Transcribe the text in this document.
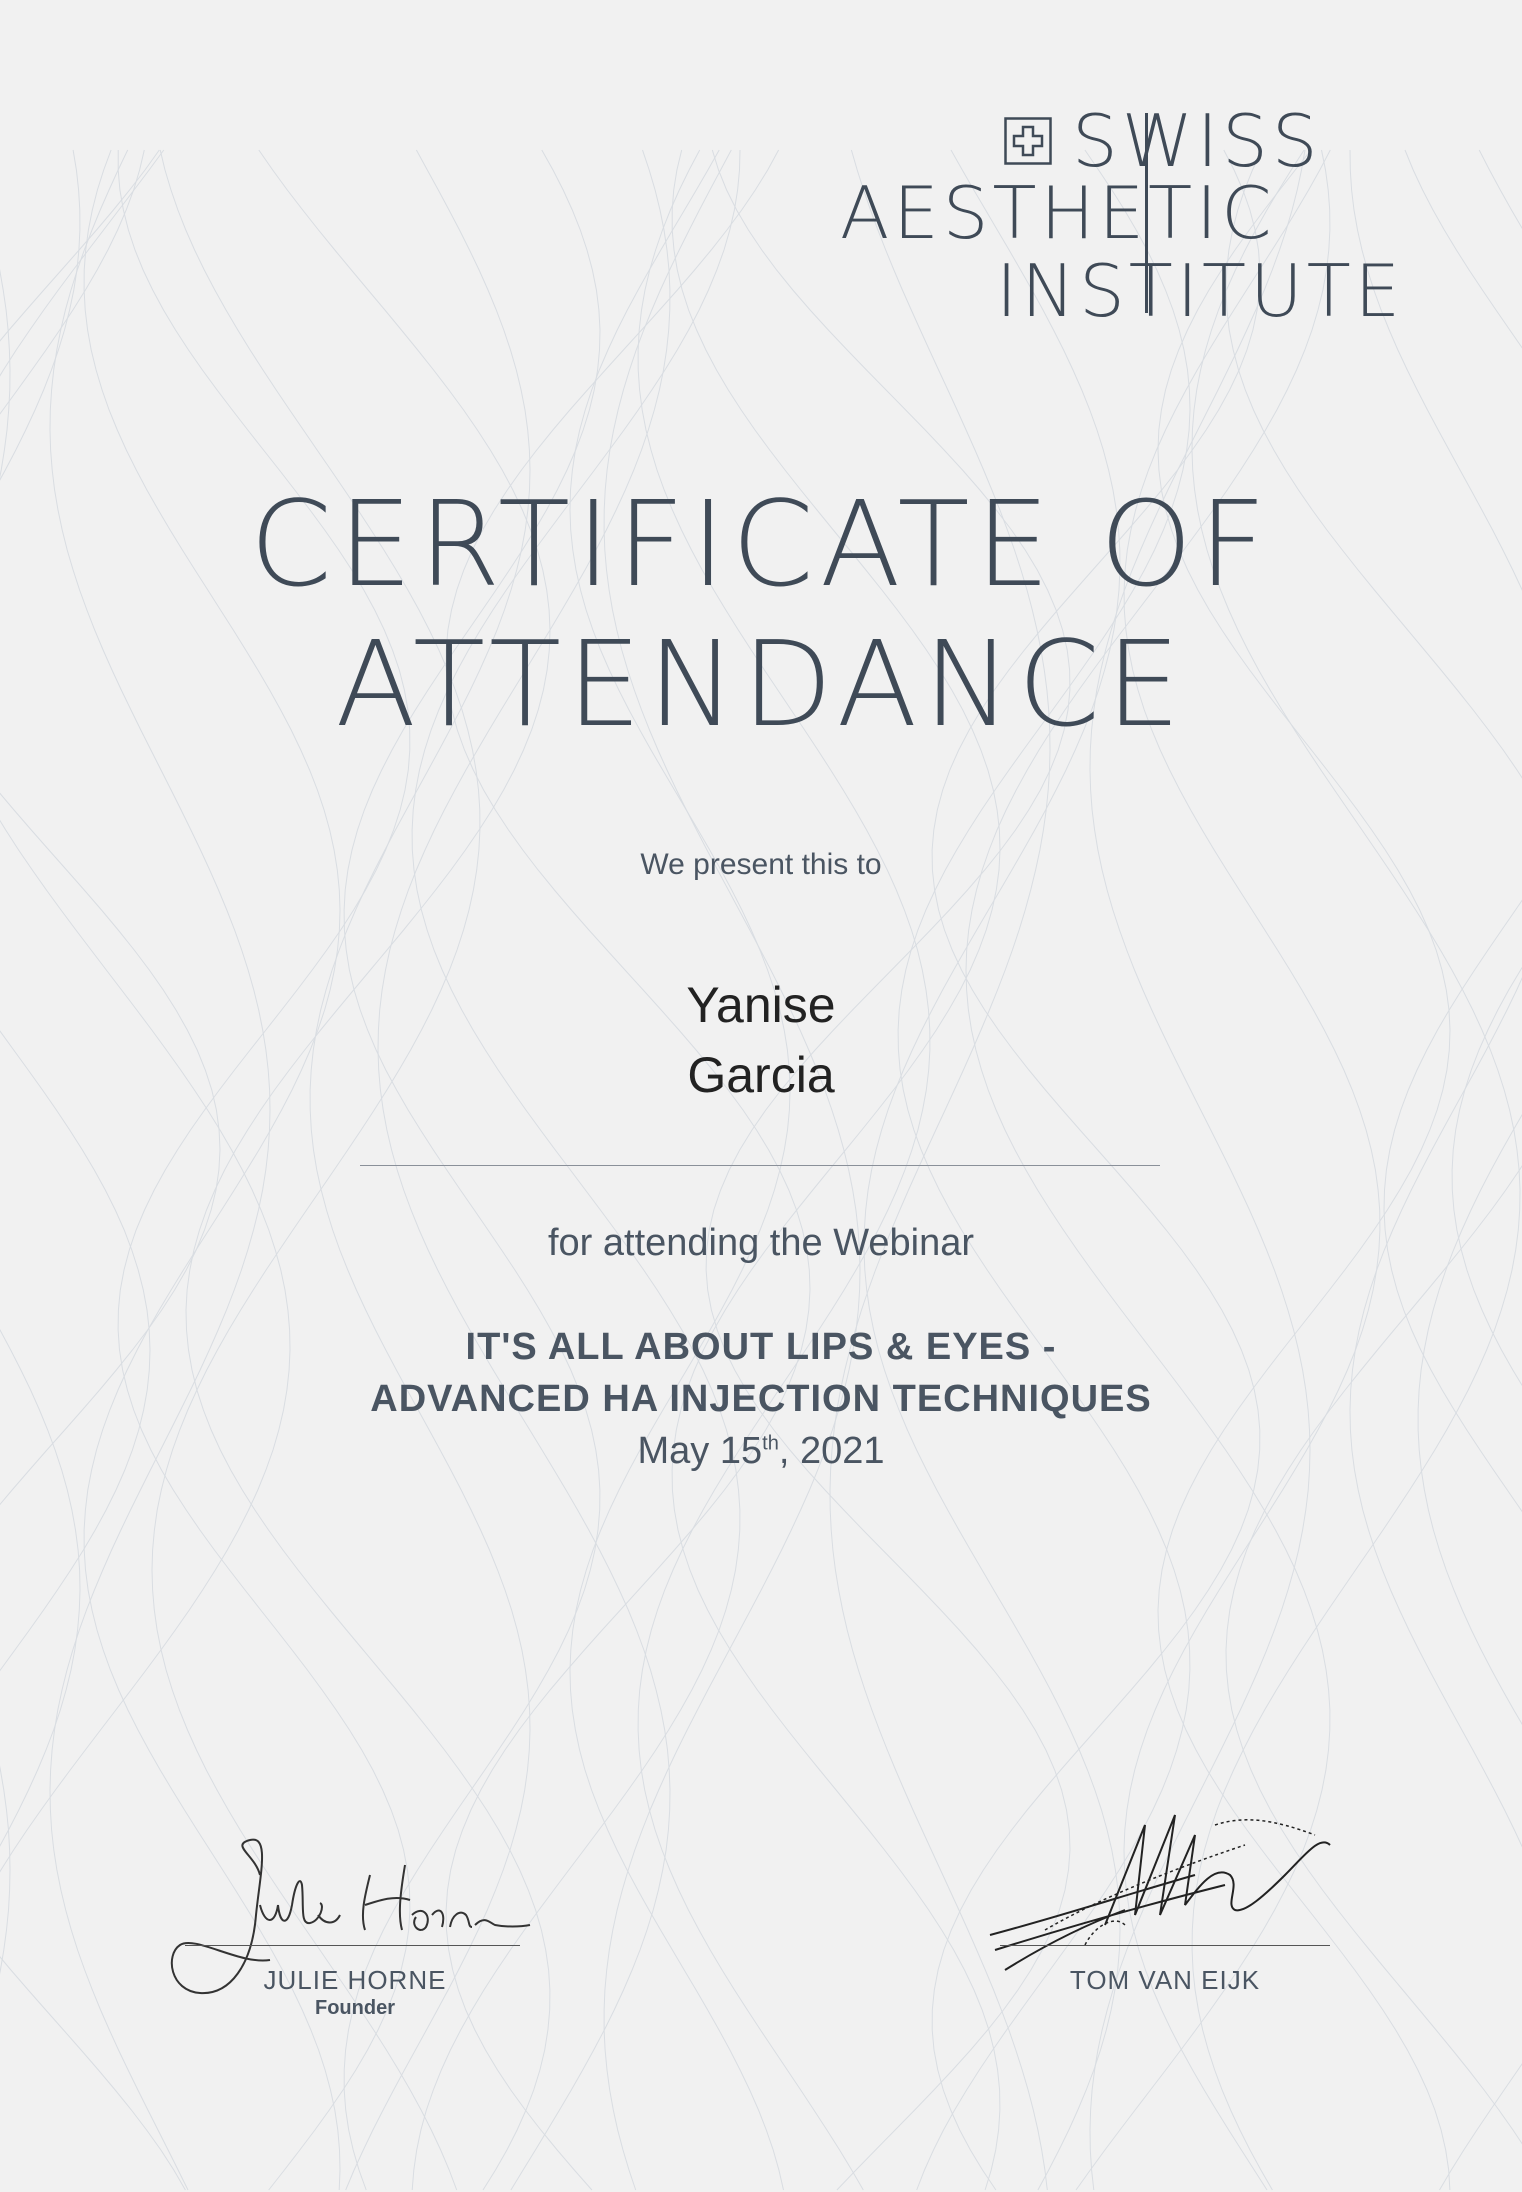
SWISS
AESTHETIC
INSTITUTE
CERTIFICATE OF
ATTENDANCE
We present this to
Yanise
Garcia
for attending the Webinar
IT'S ALL ABOUT LIPS & EYES -
ADVANCED HA INJECTION TECHNIQUES
May 15th, 2021
JULIE HORNE
Founder
TOM VAN EIJK
